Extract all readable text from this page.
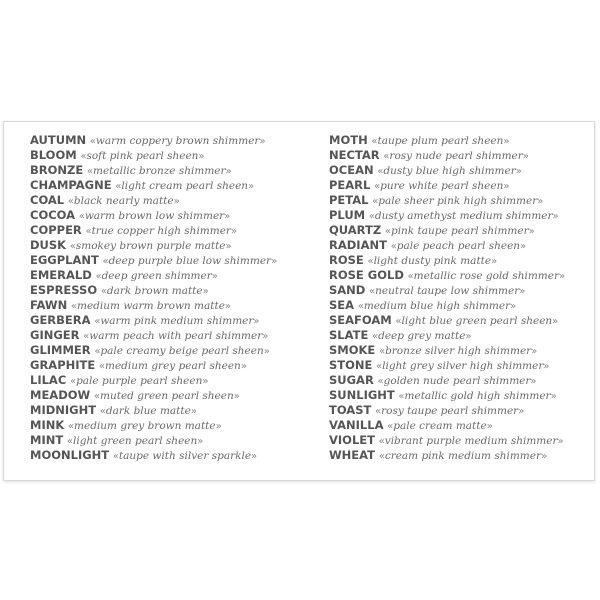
AUTUMN «warm coppery brown shimmer»
BLOOM «soft pink pearl sheen»
BRONZE «metallic bronze shimmer»
CHAMPAGNE «light cream pearl sheen»
COAL «black nearly matte»
COCOA «warm brown low shimmer»
COPPER «true copper high shimmer»
DUSK «smokey brown purple matte»
EGGPLANT «deep purple blue low shimmer»
EMERALD «deep green shimmer»
ESPRESSO «dark brown matte»
FAWN «medium warm brown matte»
GERBERA «warm pink medium shimmer»
GINGER «warm peach with pearl shimmer»
GLIMMER «pale creamy beige pearl sheen»
GRAPHITE «medium grey pearl sheen»
LILAC «pale purple pearl sheen»
MEADOW «muted green pearl sheen»
MIDNIGHT «dark blue matte»
MINK «medium grey brown matte»
MINT «light green pearl sheen»
MOONLIGHT «taupe with silver sparkle»
MOTH «taupe plum pearl sheen»
NECTAR «rosy nude pearl shimmer»
OCEAN «dusty blue high shimmer»
PEARL «pure white pearl sheen»
PETAL «pale sheer pink high shimmer»
PLUM «dusty amethyst medium shimmer»
QUARTZ «pink taupe pearl shimmer»
RADIANT «pale peach pearl sheen»
ROSE «light dusty pink matte»
ROSE GOLD «metallic rose gold shimmer»
SAND «neutral taupe low shimmer»
SEA «medium blue high shimmer»
SEAFOAM «light blue green pearl sheen»
SLATE «deep grey matte»
SMOKE «bronze silver high shimmer»
STONE «light grey silver high shimmer»
SUGAR «golden nude pearl shimmer»
SUNLIGHT «metallic gold high shimmer»
TOAST «rosy taupe pearl shimmer»
VANILLA «pale cream matte»
VIOLET «vibrant purple medium shimmer»
WHEAT «cream pink medium shimmer»
